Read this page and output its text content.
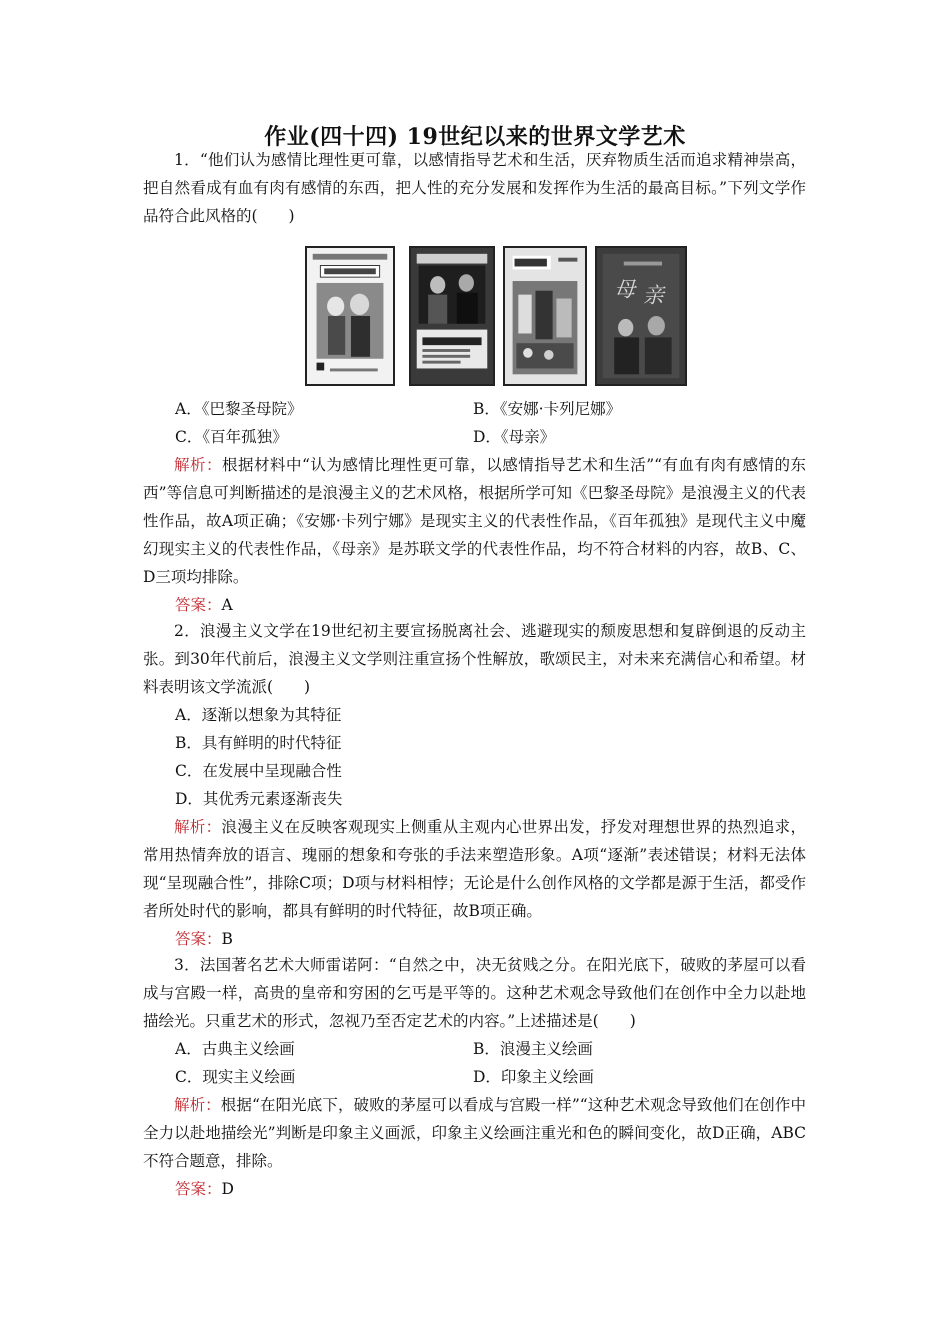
作业(四十四) 19世纪以来的世界文学艺术

1．“他们认为感情比理性更可靠，以感情指导艺术和生活，厌弃物质生活而追求精神崇高，把自然看成有血有肉有感情的东西，把人性的充分发展和发挥作为生活的最高目标。”下列文学作品符合此风格的(　　)

母 亲
A．《巴黎圣母院》	B．《安娜·卡列尼娜》
C．《百年孤独》	D．《母亲》

解析：根据材料中“认为感情比理性更可靠，以感情指导艺术和生活”“有血有肉有感情的东西”等信息可判断描述的是浪漫主义的艺术风格，根据所学可知《巴黎圣母院》是浪漫主义的代表性作品，故A项正确；《安娜·卡列宁娜》是现实主义的代表性作品，《百年孤独》是现代主义中魔幻现实主义的代表性作品，《母亲》是苏联文学的代表性作品，均不符合材料的内容，故B、C、D三项均排除。

答案：A

2．浪漫主义文学在19世纪初主要宣扬脱离社会、逃避现实的颓废思想和复辟倒退的反动主张。到30年代前后，浪漫主义文学则注重宣扬个性解放，歌颂民主，对未来充满信心和希望。材料表明该文学流派(　　)

A．逐渐以想象为其特征
B．具有鲜明的时代特征
C．在发展中呈现融合性
D．其优秀元素逐渐丧失

解析：浪漫主义在反映客观现实上侧重从主观内心世界出发，抒发对理想世界的热烈追求，常用热情奔放的语言、瑰丽的想象和夸张的手法来塑造形象。A项“逐渐”表述错误；材料无法体现“呈现融合性”，排除C项；D项与材料相悖；无论是什么创作风格的文学都是源于生活，都受作者所处时代的影响，都具有鲜明的时代特征，故B项正确。

答案：B

3．法国著名艺术大师雷诺阿：“自然之中，决无贫贱之分。在阳光底下，破败的茅屋可以看成与宫殿一样，高贵的皇帝和穷困的乞丐是平等的。这种艺术观念导致他们在创作中全力以赴地描绘光。只重艺术的形式，忽视乃至否定艺术的内容。”上述描述是(　　)

A．古典主义绘画	B．浪漫主义绘画
C．现实主义绘画	D．印象主义绘画

解析：根据“在阳光底下，破败的茅屋可以看成与宫殿一样”“这种艺术观念导致他们在创作中全力以赴地描绘光”判断是印象主义画派，印象主义绘画注重光和色的瞬间变化，故D正确，ABC不符合题意，排除。

答案：D
